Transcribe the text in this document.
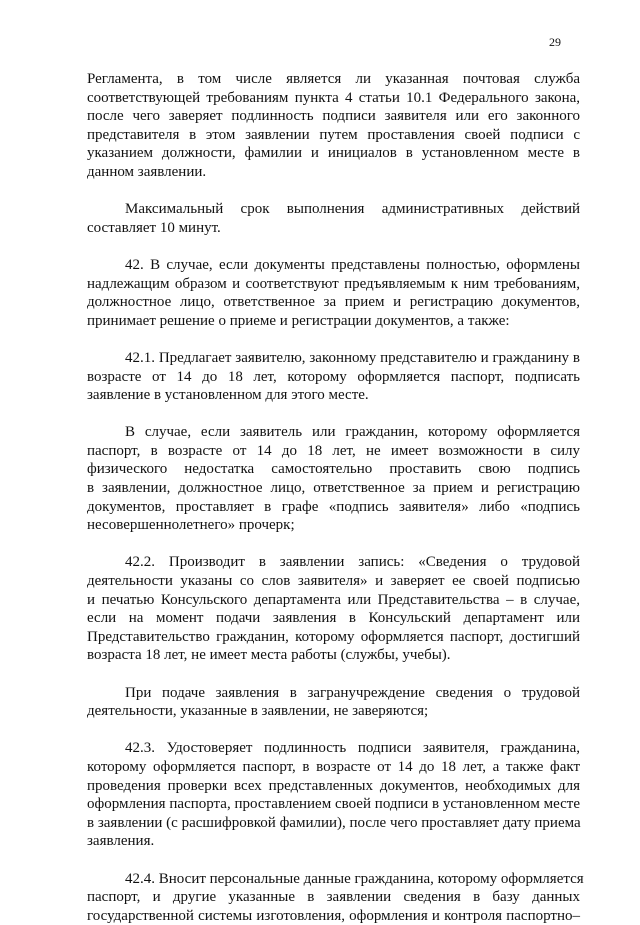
29
Регламента, в том числе является ли указанная почтовая служба
соответствующей требованиям пункта 4 статьи 10.1 Федерального закона,
после чего заверяет подлинность подписи заявителя или его законного
представителя в этом заявлении путем проставления своей подписи с
указанием должности, фамилии и инициалов в установленном месте в
данном заявлении.
Максимальный срок выполнения административных действий
составляет 10 минут.
42. В случае, если документы представлены полностью, оформлены
надлежащим образом и соответствуют предъявляемым к ним требованиям,
должностное лицо, ответственное за прием и регистрацию документов,
принимает решение о приеме и регистрации документов, а также:
42.1. Предлагает заявителю, законному представителю и гражданину в
возрасте от 14 до 18 лет, которому оформляется паспорт, подписать
заявление в установленном для этого месте.
В случае, если заявитель или гражданин, которому оформляется
паспорт, в возрасте от 14 до 18 лет, не имеет возможности в силу
физического недостатка самостоятельно проставить свою подпись
в заявлении, должностное лицо, ответственное за прием и регистрацию
документов, проставляет в графе «подпись заявителя» либо «подпись
несовершеннолетнего» прочерк;
42.2. Производит в заявлении запись: «Сведения о трудовой
деятельности указаны со слов заявителя» и заверяет ее своей подписью
и печатью Консульского департамента или Представительства – в случае,
если на момент подачи заявления в Консульский департамент или
Представительство гражданин, которому оформляется паспорт, достигший
возраста 18 лет, не имеет места работы (службы, учебы).
При подаче заявления в загранучреждение сведения о трудовой
деятельности, указанные в заявлении, не заверяются;
42.3. Удостоверяет подлинность подписи заявителя, гражданина,
которому оформляется паспорт, в возрасте от 14 до 18 лет, а также факт
проведения проверки всех представленных документов, необходимых для
оформления паспорта, проставлением своей подписи в установленном месте
в заявлении (с расшифровкой фамилии), после чего проставляет дату приема
заявления.
42.4. Вносит персональные данные гражданина, которому оформляется
паспорт, и другие указанные в заявлении сведения в базу данных
государственной системы изготовления, оформления и контроля паспортно–
